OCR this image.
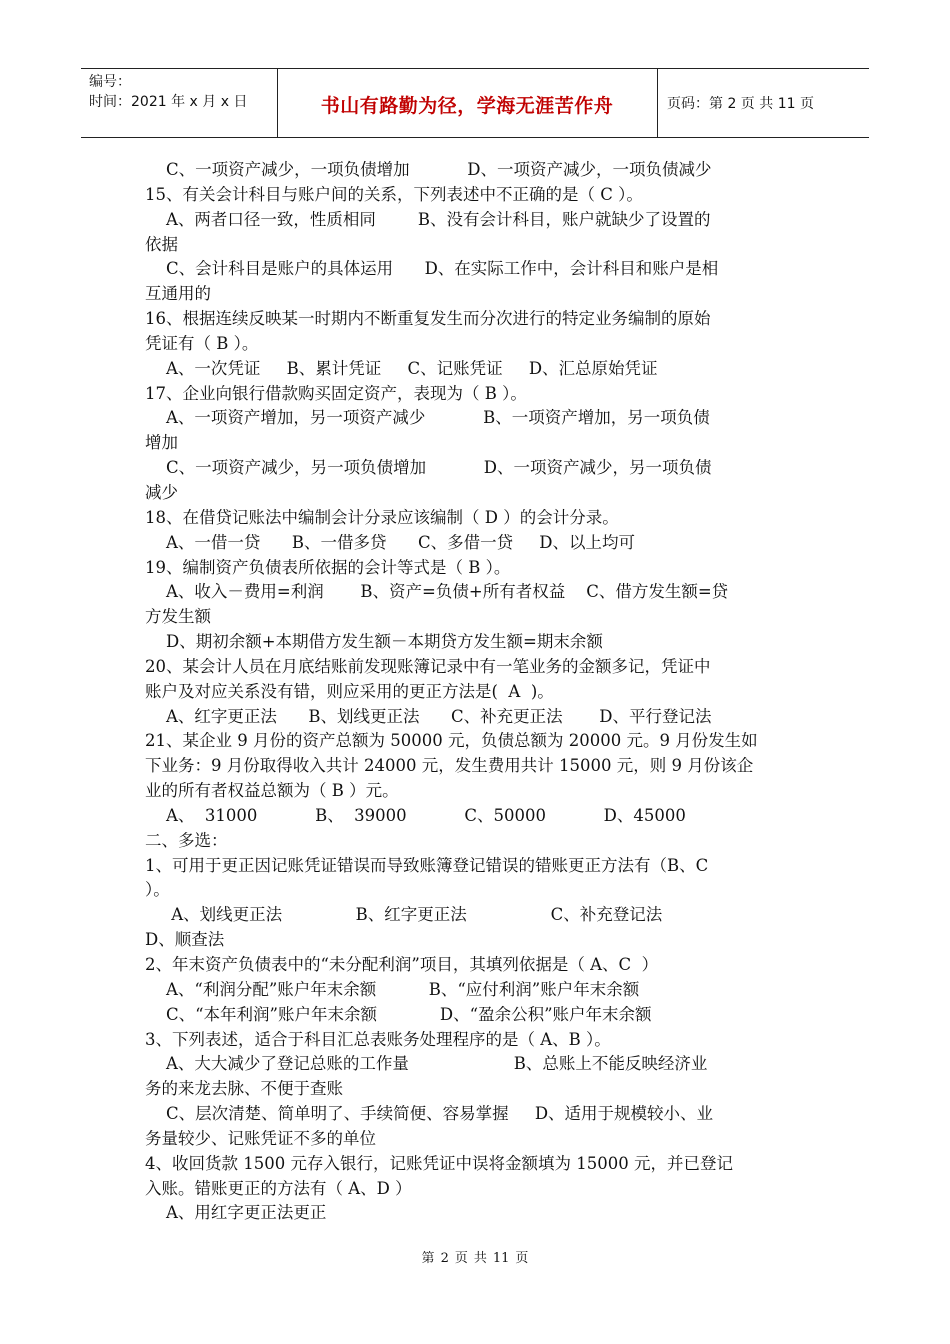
编号：
时间：2021 年 x 月 x 日	书山有路勤为径，学海无涯苦作舟	页码：第 2 页 共 11 页
C、一项资产减少，一项负债增加           D、一项资产减少，一项负债减少
15、有关会计科目与账户间的关系，下列表述中不正确的是（ C ）。
A、两者口径一致，性质相同        B、没有会计科目，账户就缺少了设置的
依据
C、会计科目是账户的具体运用      D、在实际工作中，会计科目和账户是相
互通用的
16、根据连续反映某一时期内不断重复发生而分次进行的特定业务编制的原始
凭证有（ B ）。
A、一次凭证     B、累计凭证     C、记账凭证     D、汇总原始凭证
17、企业向银行借款购买固定资产，表现为（ B ）。
A、一项资产增加，另一项资产减少           B、一项资产增加，另一项负债
增加
C、一项资产减少，另一项负债增加           D、一项资产减少，另一项负债
减少
18、在借贷记账法中编制会计分录应该编制（ D ）的会计分录。
A、一借一贷      B、一借多贷      C、多借一贷     D、以上均可
19、编制资产负债表所依据的会计等式是（ B ）。
A、收入－费用=利润       B、资产=负债+所有者权益    C、借方发生额=贷
方发生额
D、期初余额+本期借方发生额－本期贷方发生额=期末余额
20、某会计人员在月底结账前发现账簿记录中有一笔业务的金额多记，凭证中
账户及对应关系没有错，则应采用的更正方法是(  A  )。
A、红字更正法      B、划线更正法      C、补充更正法       D、平行登记法
21、某企业 9 月份的资产总额为 50000 元，负债总额为 20000 元。9 月份发生如
下业务：9 月份取得收入共计 24000 元，发生费用共计 15000 元，则 9 月份该企
业的所有者权益总额为（ B ）元。
A、  31000           B、  39000           C、50000           D、45000
二、多选：
1、可用于更正因记账凭证错误而导致账簿登记错误的错账更正方法有（B、C
）。
A、划线更正法              B、红字更正法                C、补充登记法
D、顺查法
2、年末资产负债表中的“未分配利润”项目，其填列依据是（ A、C  ）
A、“利润分配”账户年末余额          B、“应付利润”账户年末余额
C、“本年利润”账户年末余额            D、“盈余公积”账户年末余额
3、下列表述，适合于科目汇总表账务处理程序的是（ A、B ）。
A、大大减少了登记总账的工作量                    B、总账上不能反映经济业
务的来龙去脉、不便于查账
C、层次清楚、简单明了、手续简便、容易掌握     D、适用于规模较小、业
务量较少、记账凭证不多的单位
4、收回货款 1500 元存入银行，记账凭证中误将金额填为 15000 元，并已登记
入账。错账更正的方法有（ A、D ）
A、用红字更正法更正
第 2 页 共 11 页
